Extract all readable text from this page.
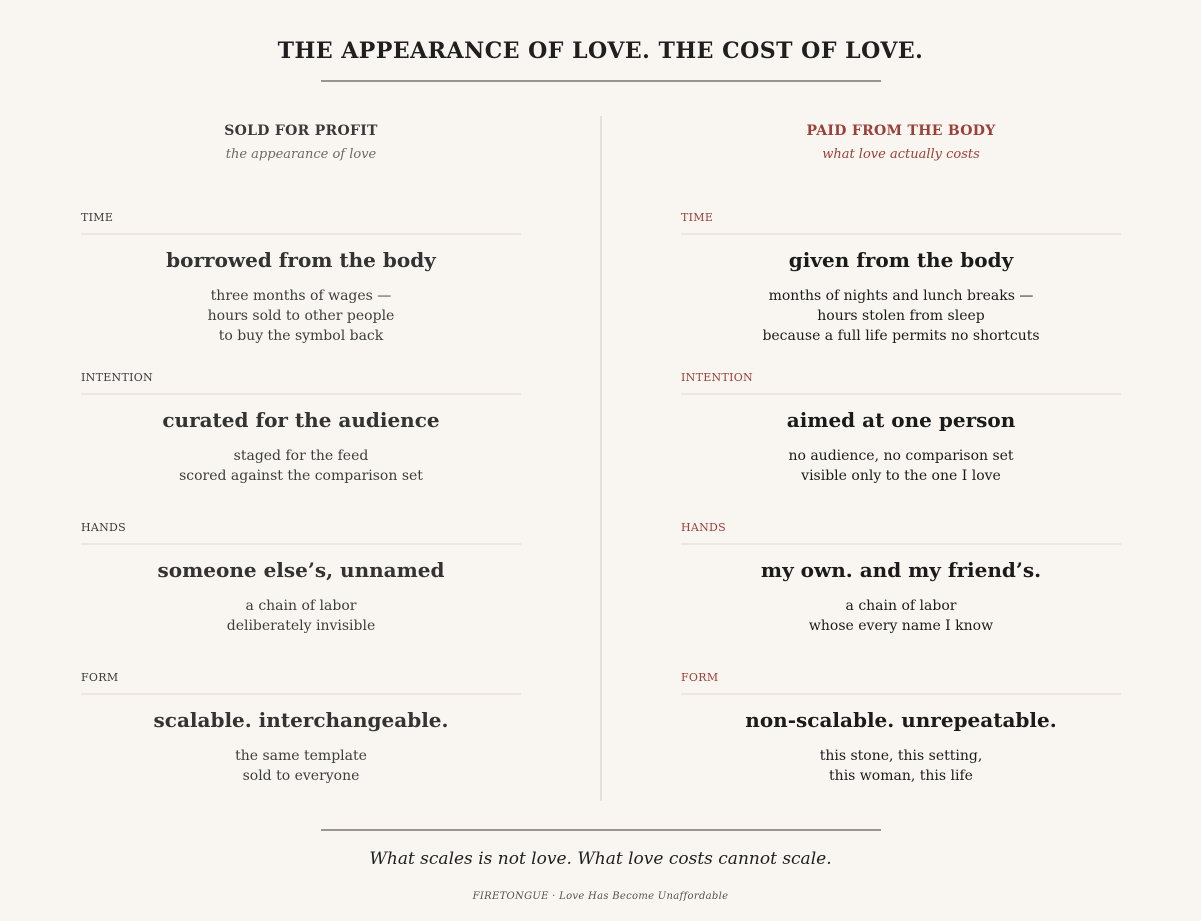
THE APPEARANCE OF LOVE. THE COST OF LOVE.
SOLD FOR PROFIT
the appearance of love
TIME
borrowed from the body
three months of wages —
hours sold to other people
to buy the symbol back
INTENTION
curated for the audience
staged for the feed
scored against the comparison set
HANDS
someone else’s, unnamed
a chain of labor
deliberately invisible
FORM
scalable. interchangeable.
the same template
sold to everyone
PAID FROM THE BODY
what love actually costs
TIME
given from the body
months of nights and lunch breaks —
hours stolen from sleep
because a full life permits no shortcuts
INTENTION
aimed at one person
no audience, no comparison set
visible only to the one I love
HANDS
my own. and my friend’s.
a chain of labor
whose every name I know
FORM
non-scalable. unrepeatable.
this stone, this setting,
this woman, this life
What scales is not love. What love costs cannot scale.
FIRETONGUE · Love Has Become Unaffordable
